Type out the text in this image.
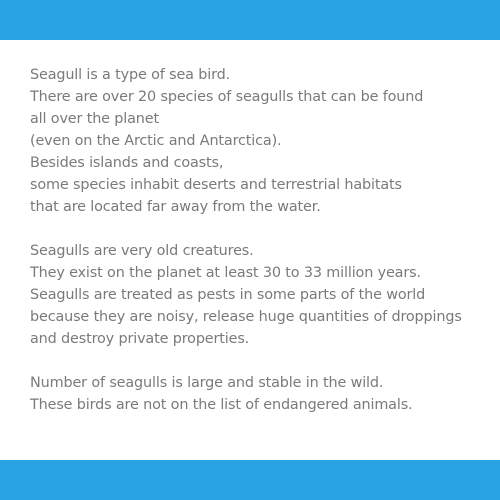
Seagull is a type of sea bird.
There are over 20 species of seagulls that can be found
all over the planet
(even on the Arctic and Antarctica).
Besides islands and coasts,
some species inhabit deserts and terrestrial habitats
that are located far away from the water.

Seagulls are very old creatures.
They exist on the planet at least 30 to 33 million years.
Seagulls are treated as pests in some parts of the world
because they are noisy, release huge quantities of droppings
and destroy private properties.

Number of seagulls is large and stable in the wild.
These birds are not on the list of endangered animals.
